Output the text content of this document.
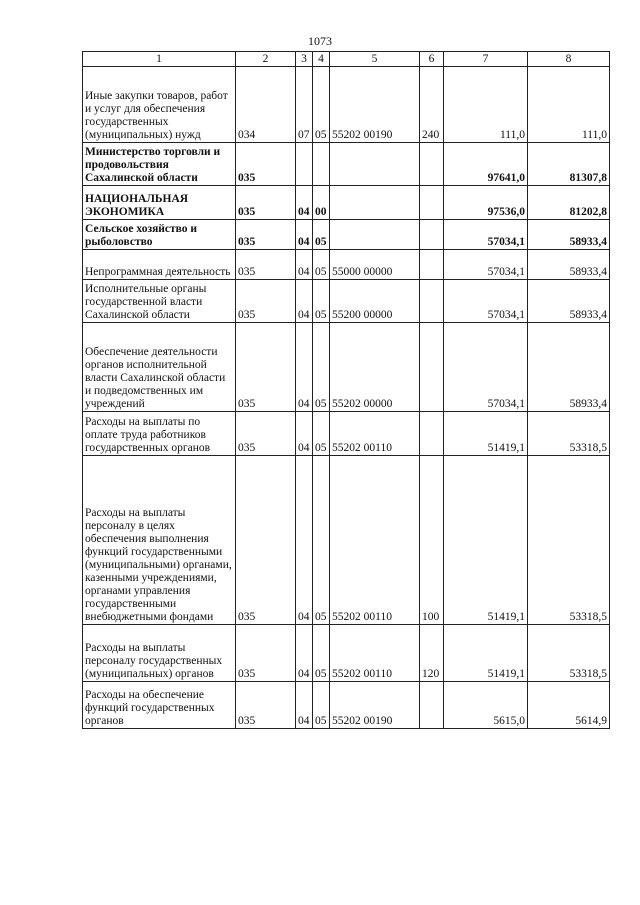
1073
1	2	3	4	5	6	7	8
Иные закупки товаров, работ и услуг для обеспечения государственных (муниципальных) нужд	034	07	05	55202 00190	240	111,0	111,0
Министерство торговли и продовольствия Сахалинской области	035					97641,0	81307,8
НАЦИОНАЛЬНАЯ ЭКОНОМИКА	035	04	00			97536,0	81202,8
Сельское хозяйство и рыболовство	035	04	05			57034,1	58933,4
Непрограммная деятельность	035	04	05	55000 00000		57034,1	58933,4
Исполнительные органы государственной власти Сахалинской области	035	04	05	55200 00000		57034,1	58933,4
Обеспечение деятельности органов исполнительной власти Сахалинской области и подведомственных им учреждений	035	04	05	55202 00000		57034,1	58933,4
Расходы на выплаты по оплате труда работников государственных органов	035	04	05	55202 00110		51419,1	53318,5
Расходы на выплаты персоналу в целях обеспечения выполнения функций государственными (муниципальными) органами, казенными учреждениями, органами управления государственными внебюджетными фондами	035	04	05	55202 00110	100	51419,1	53318,5
Расходы на выплаты персоналу государственных (муниципальных) органов	035	04	05	55202 00110	120	51419,1	53318,5
Расходы на обеспечение функций государственных органов	035	04	05	55202 00190		5615,0	5614,9
